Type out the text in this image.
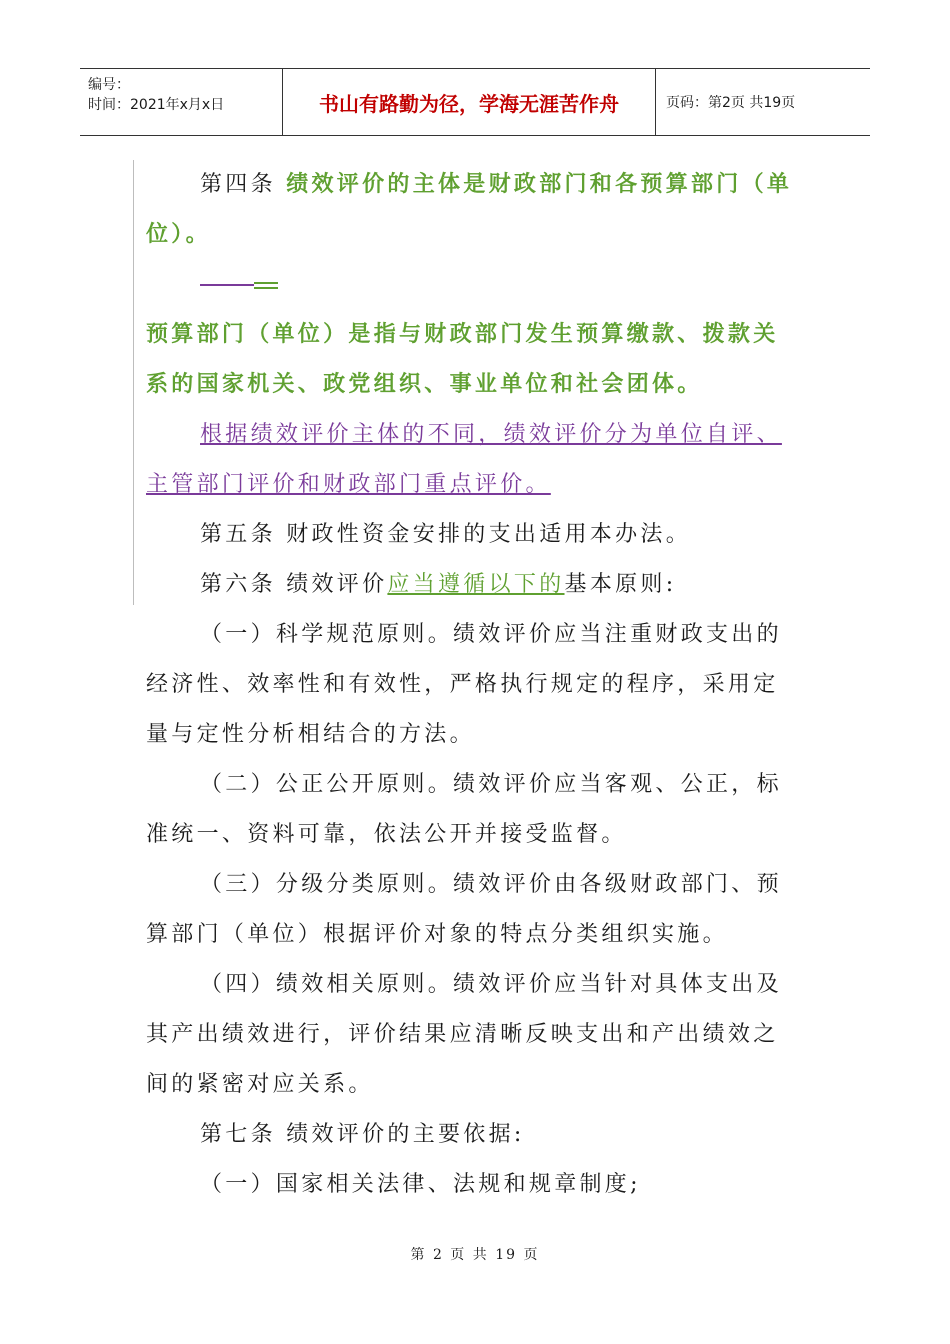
编号：
时间：2021年x月x日	书山有路勤为径，学海无涯苦作舟	页码：第2页 共19页

第四条 绩效评价的主体是财政部门和各预算部门（单位）。

预算部门（单位）是指与财政部门发生预算缴款、拨款关系的国家机关、政党组织、事业单位和社会团体。

根据绩效评价主体的不同，绩效评价分为单位自评、主管部门评价和财政部门重点评价。

第五条 财政性资金安排的支出适用本办法。

第六条 绩效评价应当遵循以下的基本原则:

（一）科学规范原则。绩效评价应当注重财政支出的经济性、效率性和有效性，严格执行规定的程序，采用定量与定性分析相结合的方法。

（二）公正公开原则。绩效评价应当客观、公正，标准统一、资料可靠，依法公开并接受监督。

（三）分级分类原则。绩效评价由各级财政部门、预算部门（单位）根据评价对象的特点分类组织实施。

（四）绩效相关原则。绩效评价应当针对具体支出及其产出绩效进行，评价结果应清晰反映支出和产出绩效之间的紧密对应关系。

第七条 绩效评价的主要依据:

（一）国家相关法律、法规和规章制度;

第 2 页 共 19 页
